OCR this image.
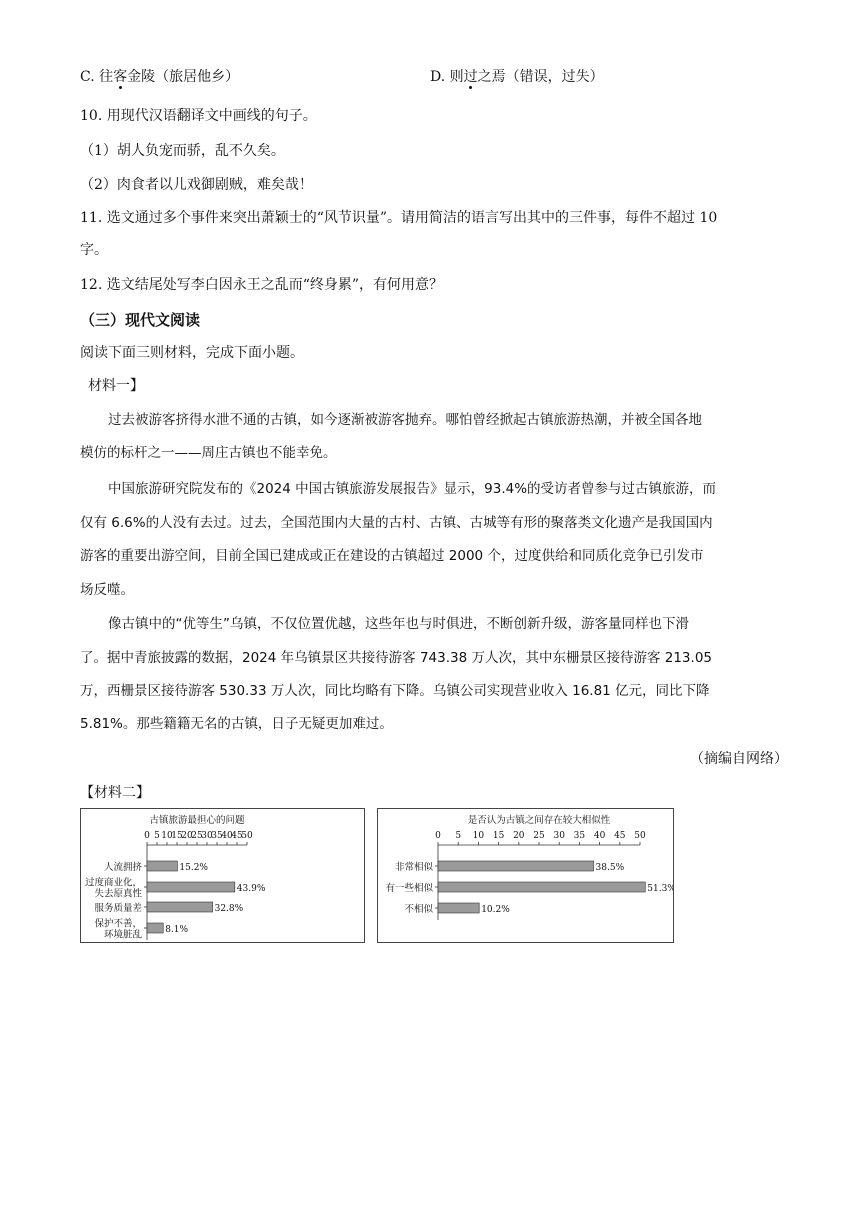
C. 往客金陵（旅居他乡）	D. 则过之焉（错误，过失）
10. 用现代汉语翻译文中画线的句子。
（1）胡人负宠而骄，乱不久矣。
（2）肉食者以儿戏御剧贼，难矣哉！
11. 选文通过多个事件来突出萧颖士的“风节识量”。请用简洁的语言写出其中的三件事，每件不超过 10
字。
12. 选文结尾处写李白因永王之乱而“终身累”，有何用意？
（三）现代文阅读
阅读下面三则材料，完成下面小题。
材料一】
过去被游客挤得水泄不通的古镇，如今逐渐被游客抛弃。哪怕曾经掀起古镇旅游热潮，并被全国各地
模仿的标杆之一——周庄古镇也不能幸免。
中国旅游研究院发布的《2024 中国古镇旅游发展报告》显示，93.4%的受访者曾参与过古镇旅游，而
仅有 6.6%的人没有去过。过去，全国范围内大量的古村、古镇、古城等有形的聚落类文化遗产是我国国内
游客的重要出游空间，目前全国已建成或正在建设的古镇超过 2000 个，过度供给和同质化竞争已引发市
场反噬。
像古镇中的“优等生”乌镇，不仅位置优越，这些年也与时俱进，不断创新升级，游客量同样也下滑
了。据中青旅披露的数据，2024 年乌镇景区共接待游客 743.38 万人次，其中东栅景区接待游客 213.05
万，西栅景区接待游客 530.33 万人次，同比均略有下降。乌镇公司实现营业收入 16.81 亿元，同比下降
5.81%。那些籍籍无名的古镇，日子无疑更加难过。
（摘编自网络）
【材料二】
古镇旅游最担心的问题
0 5 10
15
20
25
30
35
40
45
50
15.2%
人流拥挤
43.9%
过度商业化，
失去原真性
32.8%
服务质量差
8.1%
保护不善，
环境脏乱
是否认为古镇之间存在较大相似性
0 5 10 15 20 25 30 35 40 45 50
38.5%
非常相似
51.3%
有一些相似
10.2%
不相似
